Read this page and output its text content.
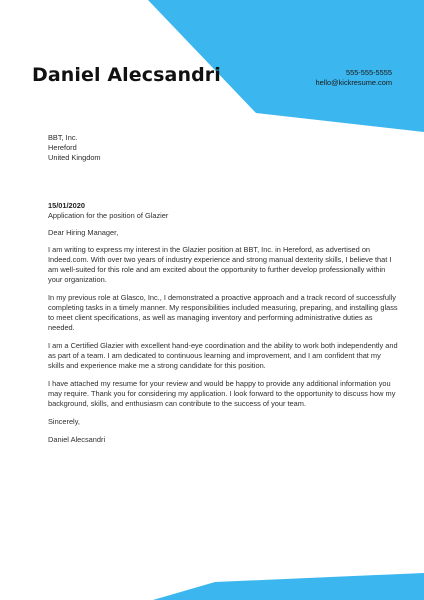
Daniel Alecsandri	555-555-5555
hello@kickresume.com
BBT, Inc.
Hereford
United Kingdom
15/01/2020

Application for the position of Glazier

Dear Hiring Manager,

I am writing to express my interest in the Glazier position at BBT, Inc. in Hereford, as advertised on Indeed.com. With over two years of industry experience and strong manual dexterity skills, I believe that I am well-suited for this role and am excited about the opportunity to further develop professionally within your organization.

In my previous role at Glasco, Inc., I demonstrated a proactive approach and a track record of successfully completing tasks in a timely manner. My responsibilities included measuring, preparing, and installing glass to meet client specifications, as well as managing inventory and performing administrative duties as needed.

I am a Certified Glazier with excellent hand-eye coordination and the ability to work both independently and as part of a team. I am dedicated to continuous learning and improvement, and I am confident that my skills and experience make me a strong candidate for this position.

I have attached my resume for your review and would be happy to provide any additional information you may require. Thank you for considering my application. I look forward to the opportunity to discuss how my background, skills, and enthusiasm can contribute to the success of your team.

Sincerely,

Daniel Alecsandri
